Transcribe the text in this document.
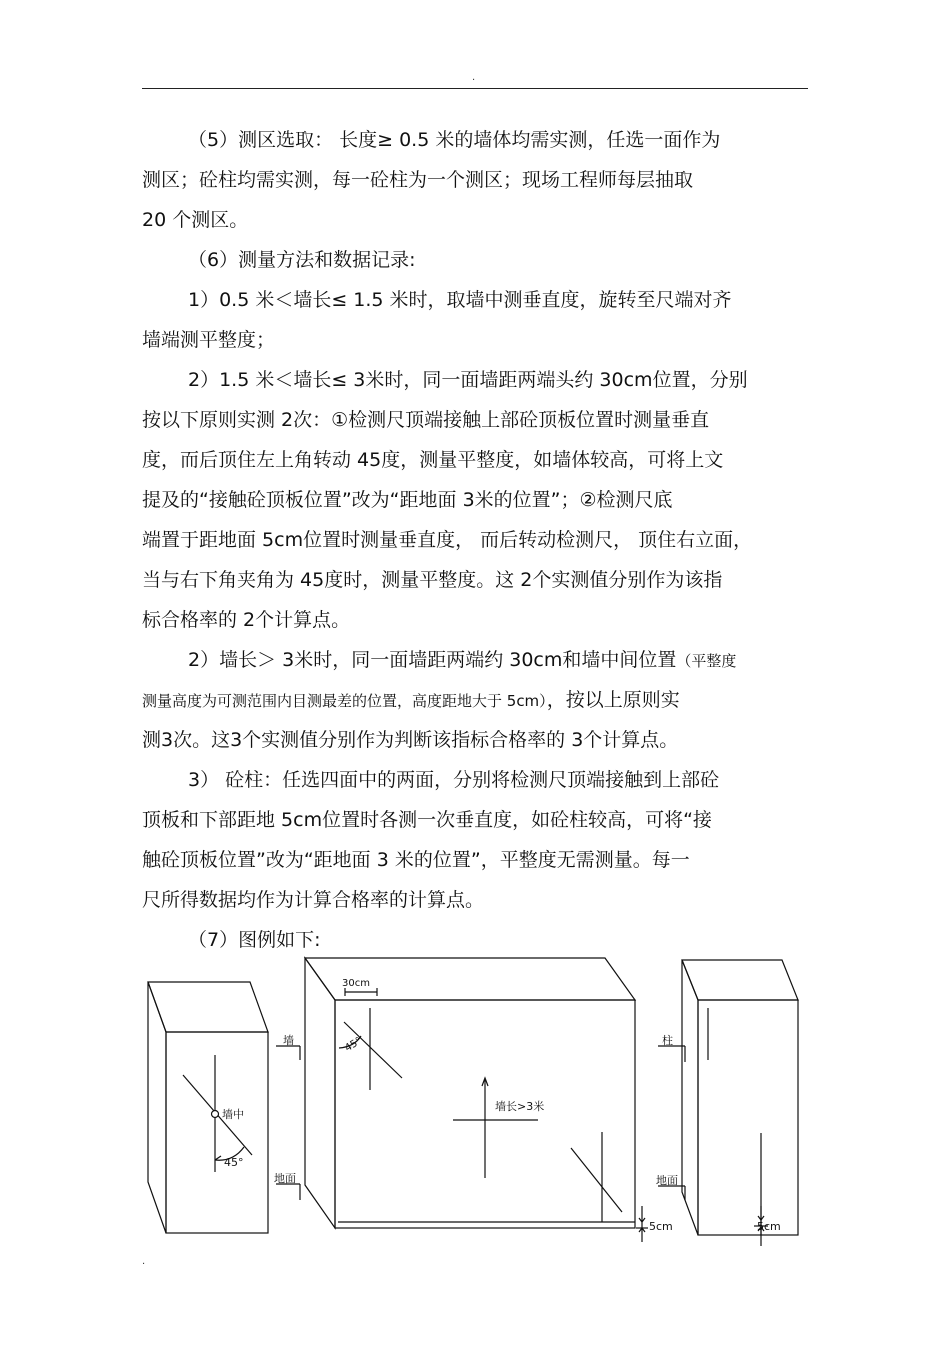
.

（5）测区选取： 长度≥ 0.5 米的墙体均需实测，任选一面作为

测区；砼柱均需实测，每一砼柱为一个测区；现场工程师每层抽取

20 个测区。

（6）测量方法和数据记录:

1）0.5 米＜墙长≤ 1.5 米时，取墙中测垂直度，旋转至尺端对齐

墙端测平整度；

2）1.5 米＜墙长≤ 3米时，同一面墙距两端头约 30cm位置，分别

按以下原则实测 2次：①检测尺顶端接触上部砼顶板位置时测量垂直

度，而后顶住左上角转动 45度，测量平整度，如墙体较高，可将上文

提及的“接触砼顶板位置”改为“距地面 3米的位置”；②检测尺底

端置于距地面 5cm位置时测量垂直度， 而后转动检测尺， 顶住右立面，

当与右下角夹角为 45度时，测量平整度。这 2个实测值分别作为该指

标合格率的 2个计算点。

2）墙长＞ 3米时，同一面墙距两端约 30cm和墙中间位置（平整度

测量高度为可测范围内目测最差的位置，高度距地大于 5cm），按以上原则实

测3次。这3个实测值分别作为判断该指标合格率的 3个计算点。

3） 砼柱：任选四面中的两面，分别将检测尺顶端接触到上部砼

顶板和下部距地 5cm位置时各测一次垂直度，如砼柱较高，可将“接

触砼顶板位置”改为“距地面 3 米的位置”，平整度无需测量。每一

尺所得数据均作为计算合格率的计算点。

（7）图例如下:

墙中
45°
30cm
45°
墙
地面
墙长>3米
5cm
柱
地面
5cm
.
